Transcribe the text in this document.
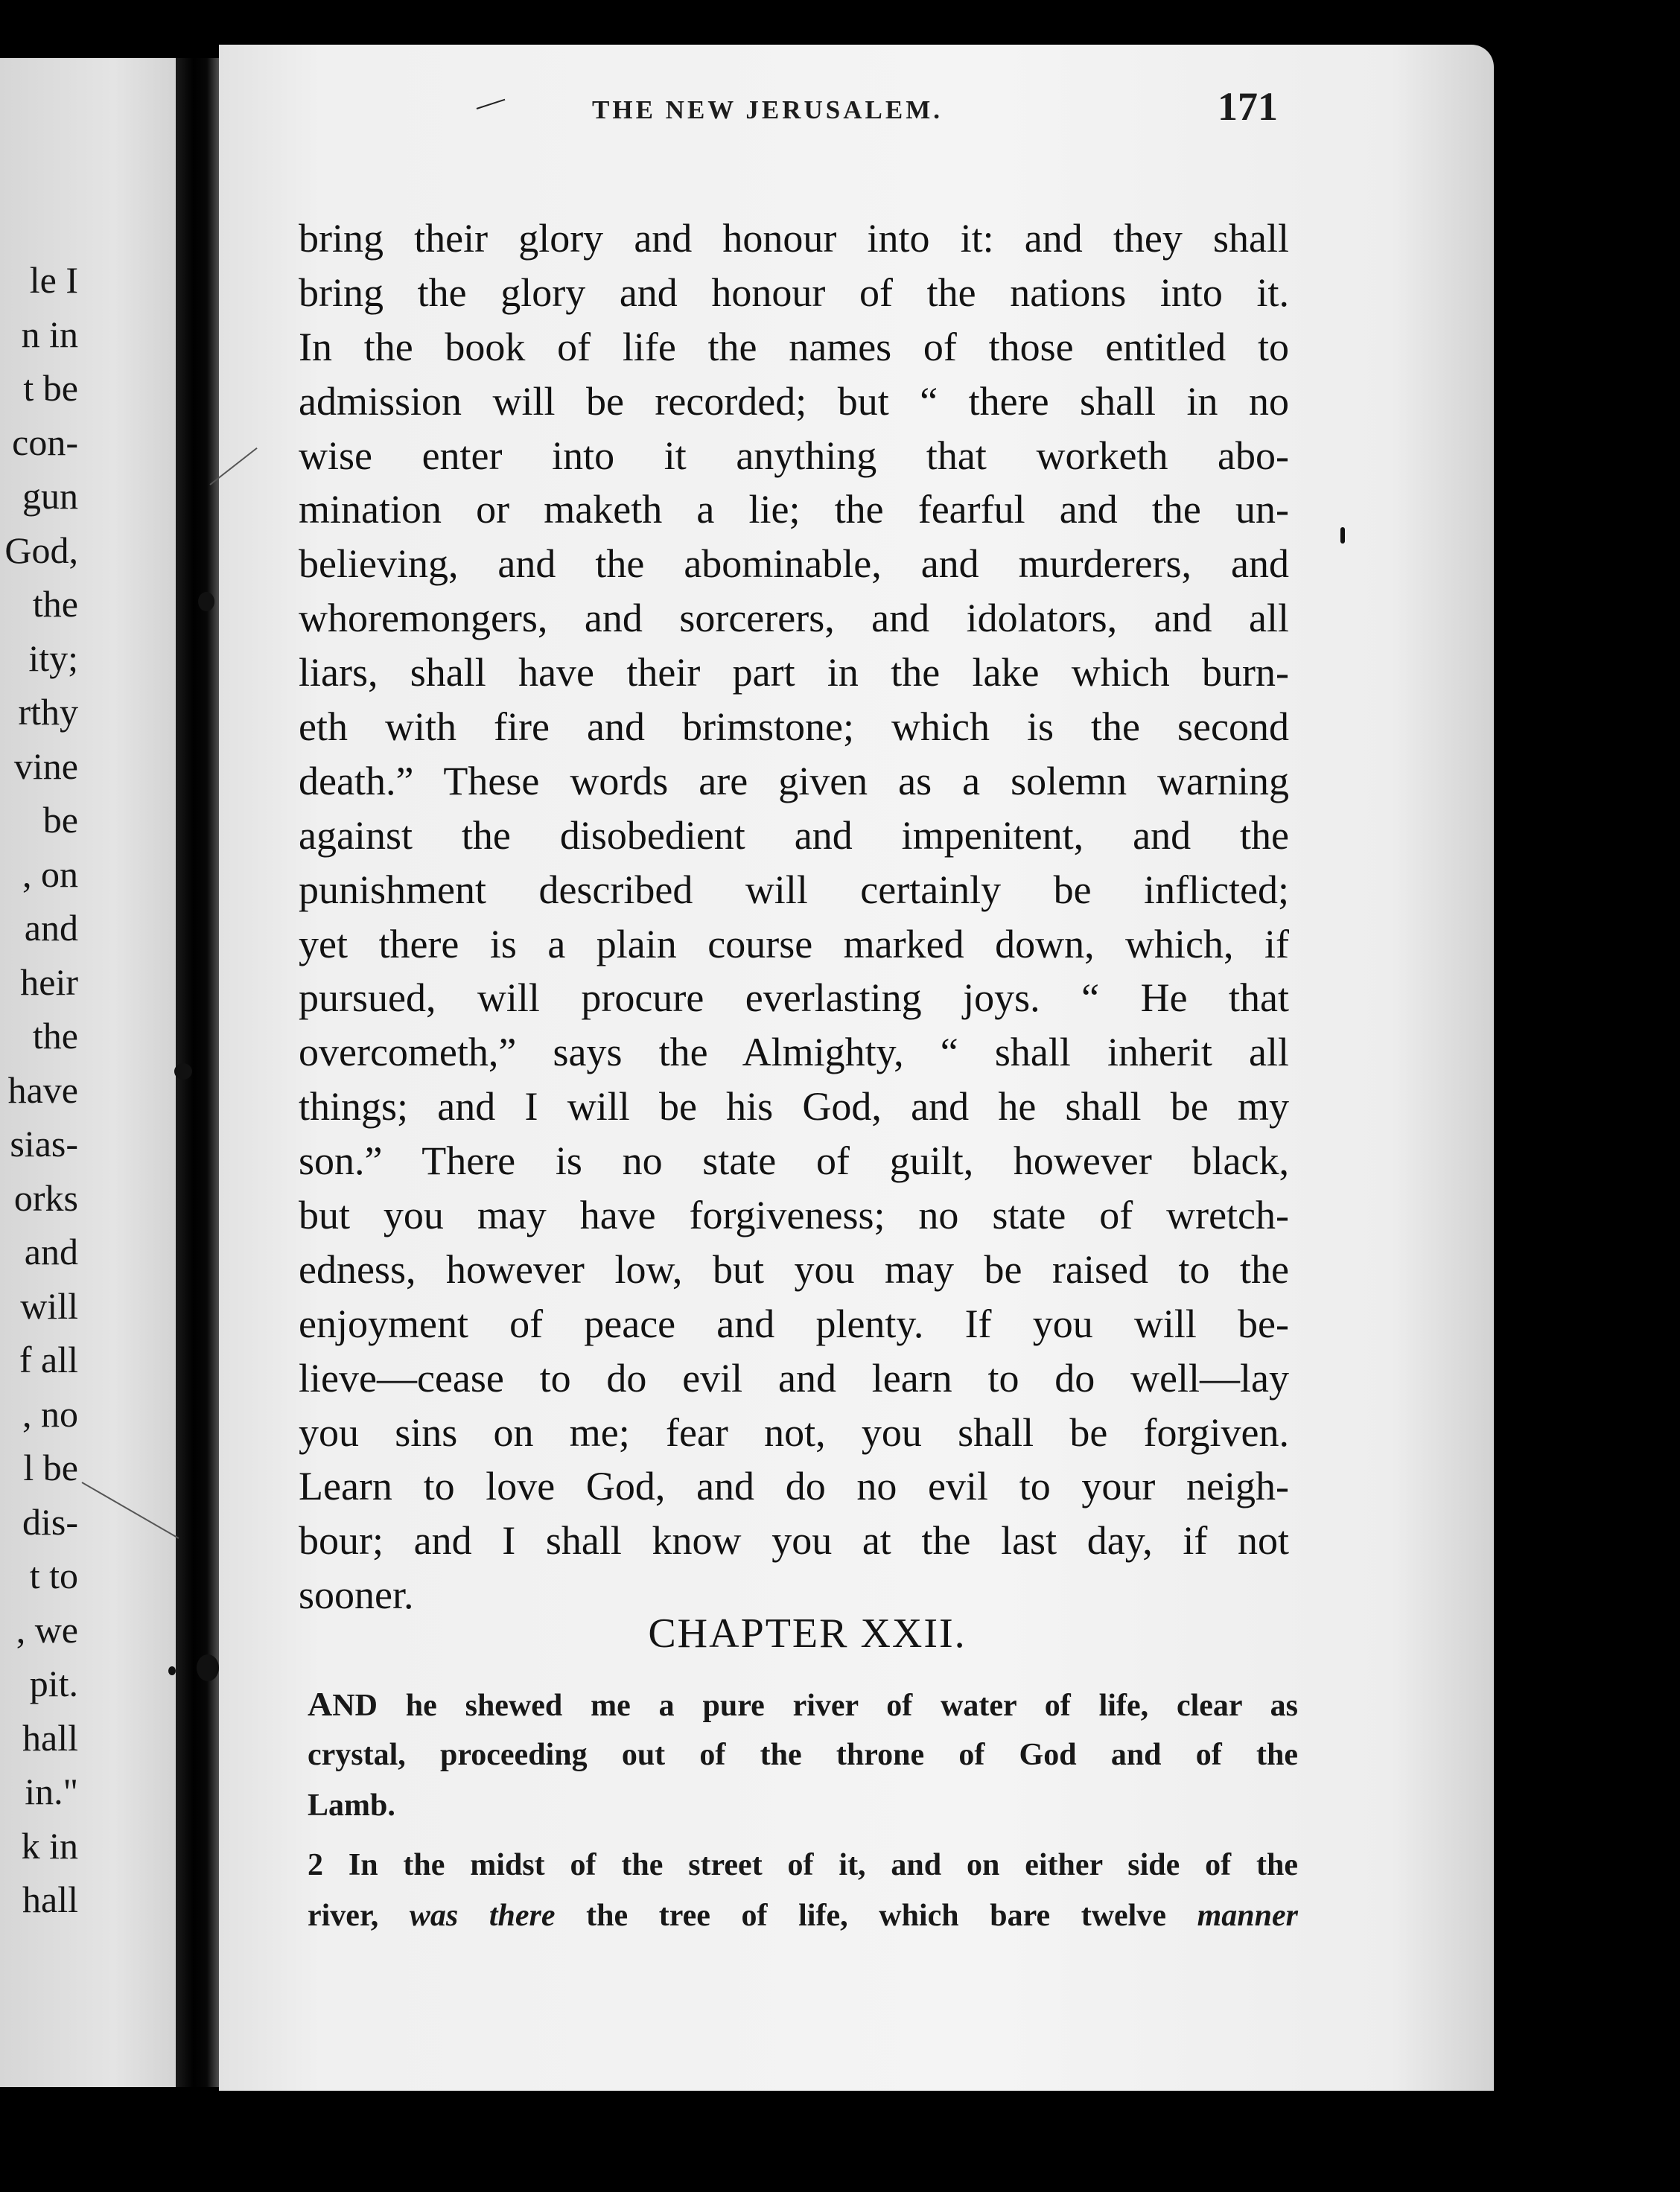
le I
n in
t be
con-
gun
God,
the
ity;
rthy
vine
be
, on
and
heir
the
have
sias-
orks
and
will
f all
, no
l be
dis-
t to
, we
pit.
hall
in."
k in
hall
THE NEW JERUSALEM.	171
bring their glory and honour into it: and they shall
bring the glory and honour of the nations into it.
In the book of life the names of those entitled to
admission will be recorded; but “ there shall in no
wise enter into it anything that worketh abo-
mination or maketh a lie; the fearful and the un-
believing, and the abominable, and murderers, and
whoremongers, and sorcerers, and idolators, and all
liars, shall have their part in the lake which burn-
eth with fire and brimstone; which is the second
death.” These words are given as a solemn warning
against the disobedient and impenitent, and the
punishment described will certainly be inflicted;
yet there is a plain course marked down, which, if
pursued, will procure everlasting joys. “ He that
overcometh,” says the Almighty, “ shall inherit all
things; and I will be his God, and he shall be my
son.” There is no state of guilt, however black,
but you may have forgiveness; no state of wretch-
edness, however low, but you may be raised to the
enjoyment of peace and plenty. If you will be-
lieve—cease to do evil and learn to do well—lay
you sins on me; fear not, you shall be forgiven.
Learn to love God, and do no evil to your neigh-
bour; and I shall know you at the last day, if not
sooner.
CHAPTER XXII.
AND he shewed me a pure river of water of life, clear as
crystal, proceeding out of the throne of God and of the
Lamb.
2 In the midst of the street of it, and on either side of the
river, was there the tree of life, which bare twelve manner
